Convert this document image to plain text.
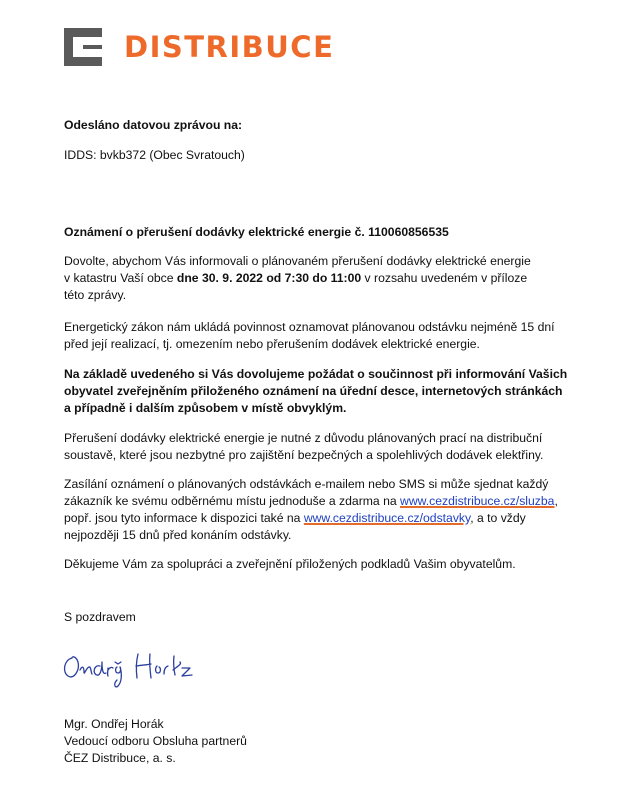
DISTRIBUCE
Odesláno datovou zprávou na:
IDDS: bvkb372 (Obec Svratouch)
Oznámení o přerušení dodávky elektrické energie č. 110060856535
Dovolte, abychom Vás informovali o plánovaném přerušení dodávky elektrické energie
v katastru Vaší obce dne 30. 9. 2022 od 7:30 do 11:00 v rozsahu uvedeném v příloze
této zprávy.
Energetický zákon nám ukládá povinnost oznamovat plánovanou odstávku nejméně 15 dní
před její realizací, tj. omezením nebo přerušením dodávek elektrické energie.
Na základě uvedeného si Vás dovolujeme požádat o součinnost při informování Vašich
obyvatel zveřejněním přiloženého oznámení na úřední desce, internetových stránkách
a případně i dalším způsobem v místě obvyklým.
Přerušení dodávky elektrické energie je nutné z důvodu plánovaných prací na distribuční
soustavě, které jsou nezbytné pro zajištění bezpečných a spolehlivých dodávek elektřiny.
Zasílání oznámení o plánovaných odstávkách e-mailem nebo SMS si může sjednat každý
zákazník ke svému odběrnému místu jednoduše a zdarma na www.cezdistribuce.cz/sluzba,
popř. jsou tyto informace k dispozici také na www.cezdistribuce.cz/odstavky, a to vždy
nejpozději 15 dnů před konáním odstávky.
Děkujeme Vám za spolupráci a zveřejnění přiložených podkladů Vašim obyvatelům.
S pozdravem
Mgr. Ondřej Horák
Vedoucí odboru Obsluha partnerů
ČEZ Distribuce, a. s.
